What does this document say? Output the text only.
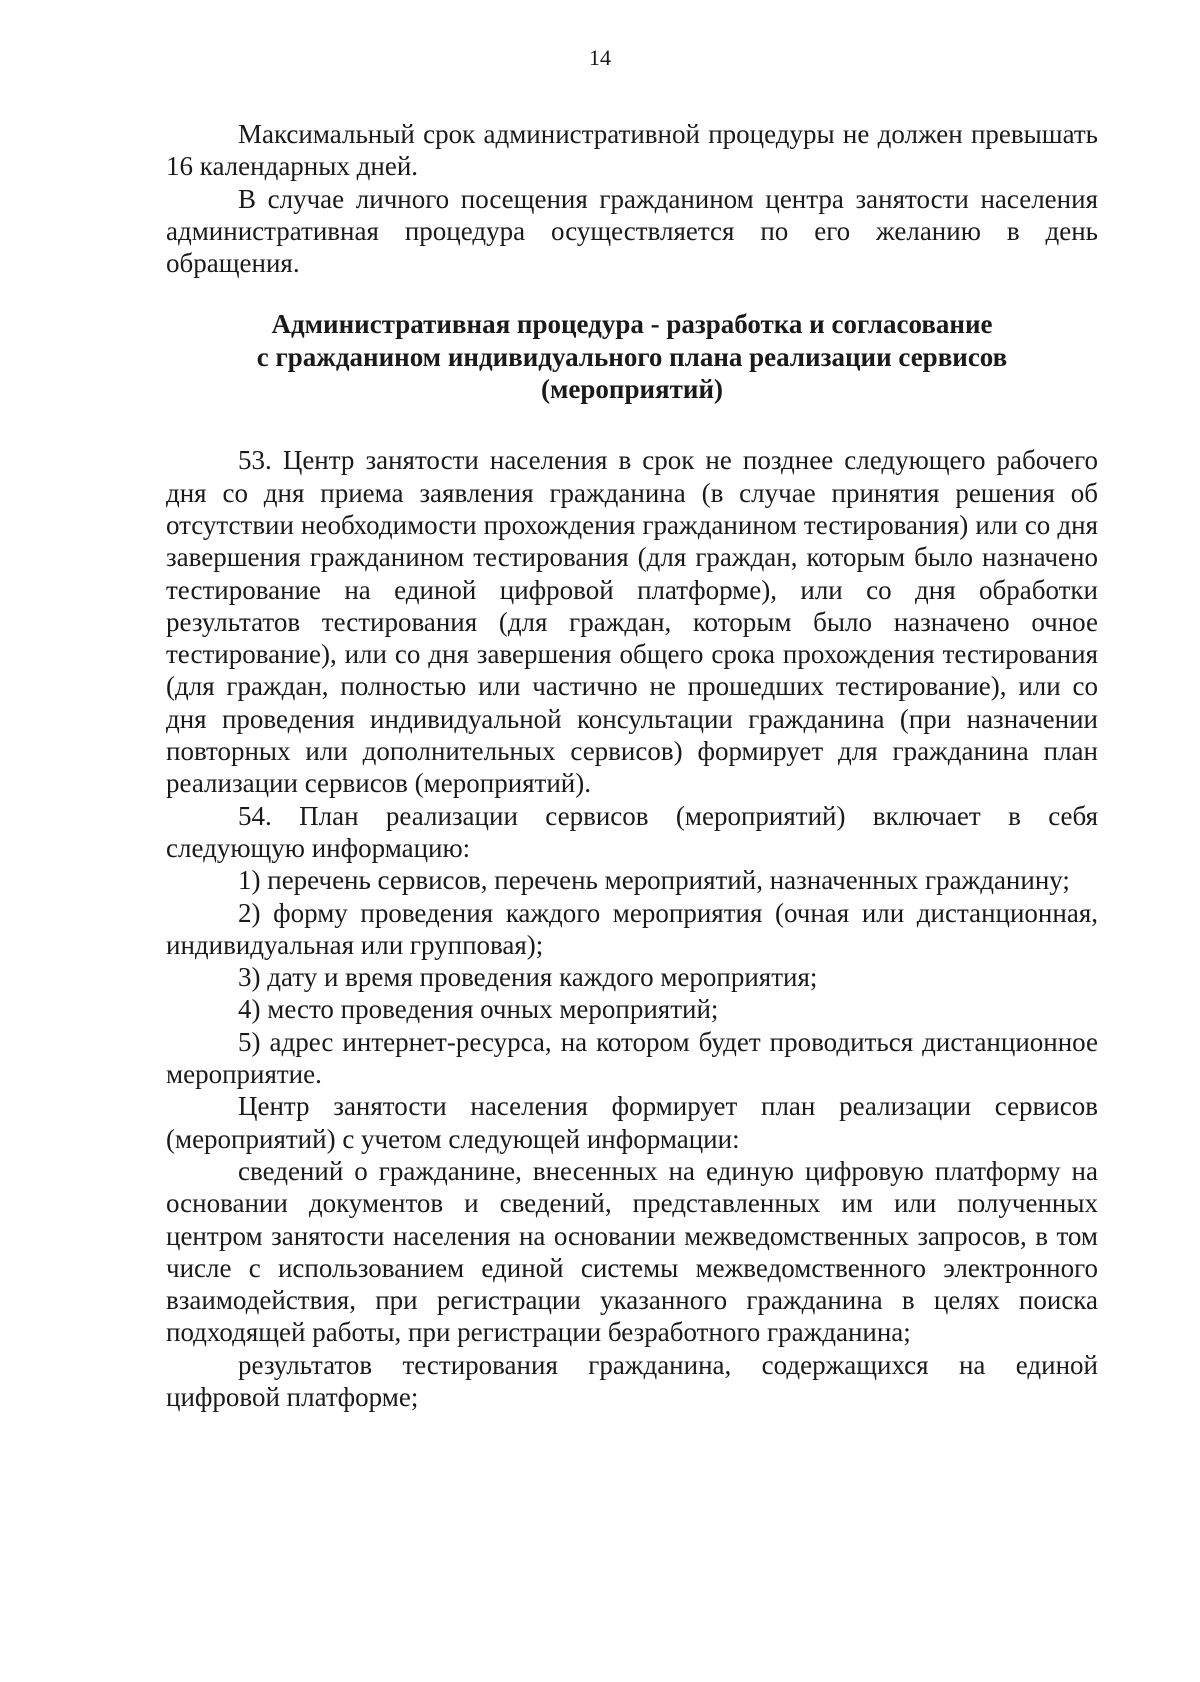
14

Максимальный срок административной процедуры не должен превышать 16 календарных дней.

В случае личного посещения гражданином центра занятости населения административная процедура осуществляется по его желанию в день обращения.

Административная процедура - разработка и согласование
с гражданином индивидуального плана реализации сервисов
(мероприятий)

53. Центр занятости населения в срок не позднее следующего рабочего дня со дня приема заявления гражданина (в случае принятия решения об отсутствии необходимости прохождения гражданином тестирования) или со дня завершения гражданином тестирования (для граждан, которым было назначено тестирование на единой цифровой платформе), или со дня обработки результатов тестирования (для граждан, которым было назначено очное тестирование), или со дня завершения общего срока прохождения тестирования (для граждан, полностью или частично не прошедших тестирование), или со дня проведения индивидуальной консультации гражданина (при назначении повторных или дополнительных сервисов) формирует для гражданина план реализации сервисов (мероприятий).

54. План реализации сервисов (мероприятий) включает в себя следующую информацию:

1) перечень сервисов, перечень мероприятий, назначенных гражданину;

2) форму проведения каждого мероприятия (очная или дистанционная, индивидуальная или групповая);

3) дату и время проведения каждого мероприятия;

4) место проведения очных мероприятий;

5) адрес интернет-ресурса, на котором будет проводиться дистанционное мероприятие.

Центр занятости населения формирует план реализации сервисов (мероприятий) с учетом следующей информации:

сведений о гражданине, внесенных на единую цифровую платформу на основании документов и сведений, представленных им или полученных центром занятости населения на основании межведомственных запросов, в том числе с использованием единой системы межведомственного электронного взаимодействия, при регистрации указанного гражданина в целях поиска подходящей работы, при регистрации безработного гражданина;

результатов тестирования гражданина, содержащихся на единой цифровой платформе;
